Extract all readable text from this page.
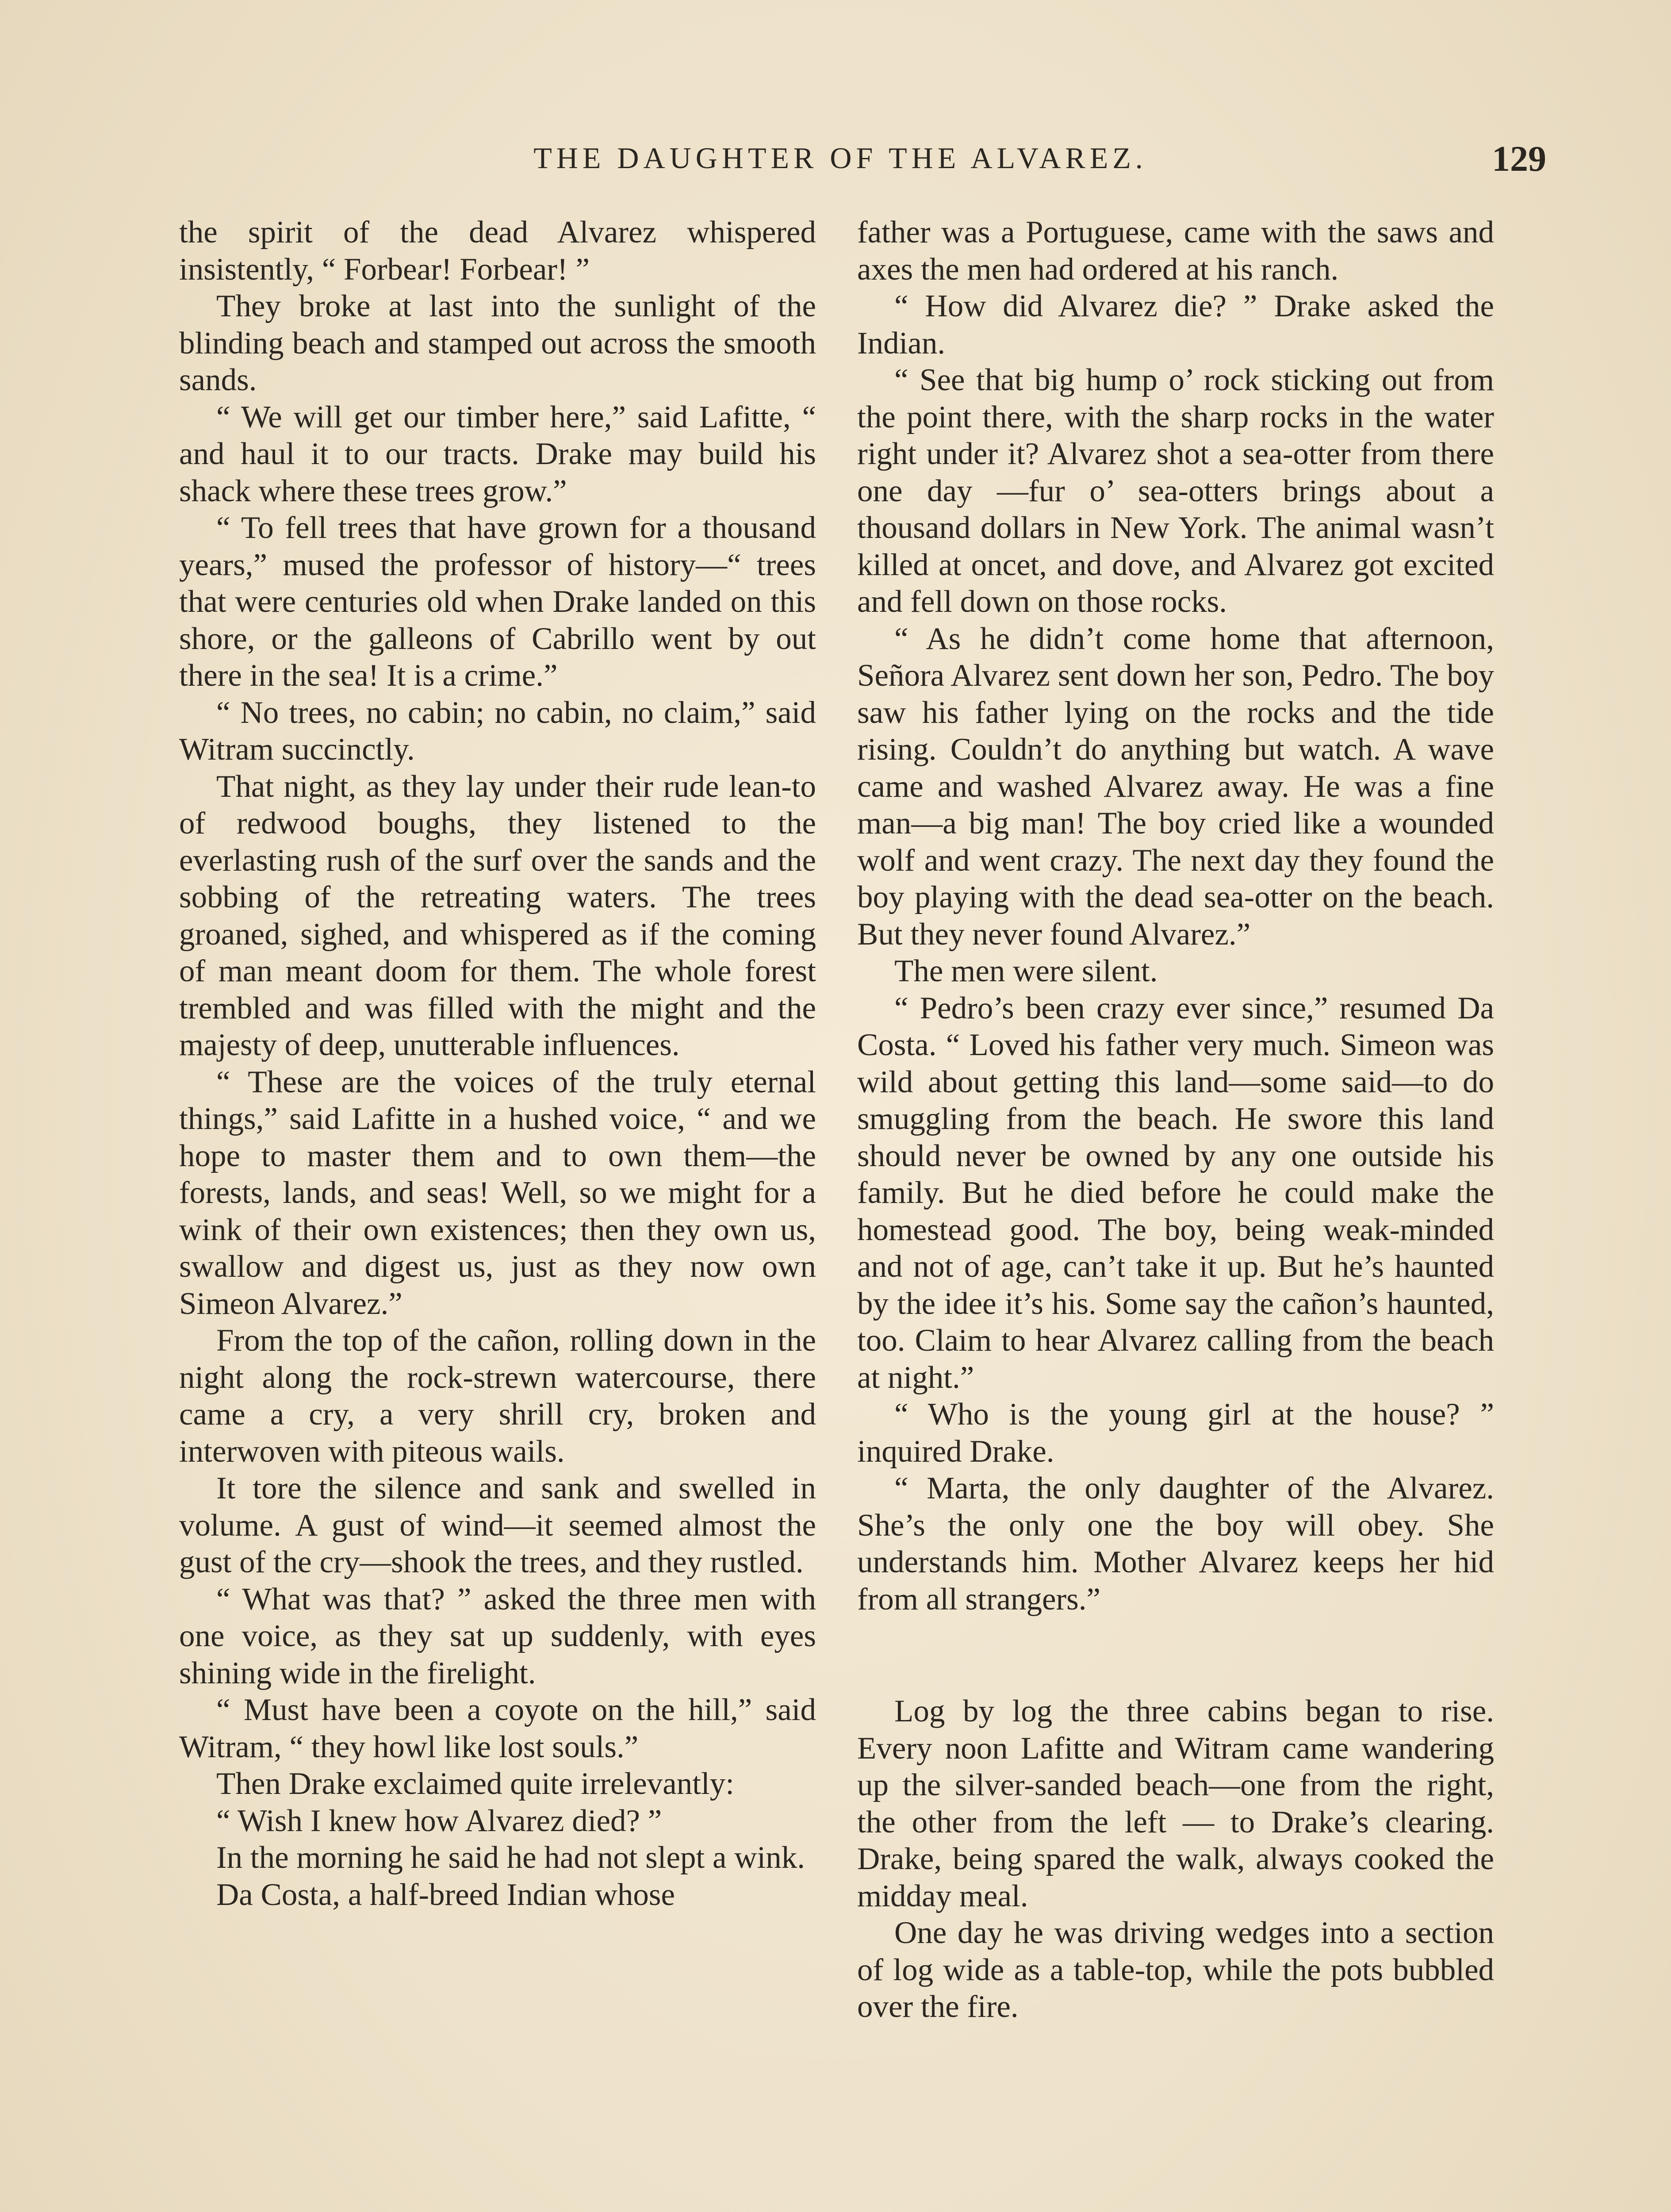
THE DAUGHTER OF THE ALVAREZ.	129

the spirit of the dead Alvarez whispered insistently, “ Forbear! Forbear! ”

They broke at last into the sunlight of the blinding beach and stamped out across the smooth sands.

“ We will get our timber here,” said Lafitte, “ and haul it to our tracts. Drake may build his shack where these trees grow.”

“ To fell trees that have grown for a thousand years,” mused the professor of history—“ trees that were centuries old when Drake landed on this shore, or the galleons of Cabrillo went by out there in the sea! It is a crime.”

“ No trees, no cabin; no cabin, no claim,” said Witram succinctly.

That night, as they lay under their rude lean-to of redwood boughs, they listened to the everlasting rush of the surf over the sands and the sobbing of the retreating waters. The trees groaned, sighed, and whispered as if the coming of man meant doom for them. The whole forest trembled and was filled with the might and the majesty of deep, unutterable influences.

“ These are the voices of the truly eternal things,” said Lafitte in a hushed voice, “ and we hope to master them and to own them—the forests, lands, and seas! Well, so we might for a wink of their own existences; then they own us, swallow and digest us, just as they now own Simeon Alvarez.”

From the top of the cañon, rolling down in the night along the rock-strewn watercourse, there came a cry, a very shrill cry, broken and interwoven with piteous wails.

It tore the silence and sank and swelled in volume. A gust of wind—it seemed almost the gust of the cry—shook the trees, and they rustled.

“ What was that? ” asked the three men with one voice, as they sat up suddenly, with eyes shining wide in the firelight.

“ Must have been a coyote on the hill,” said Witram, “ they howl like lost souls.”

Then Drake exclaimed quite irrelevantly:

“ Wish I knew how Alvarez died? ”

In the morning he said he had not slept a wink.

Da Costa, a half-breed Indian whose

father was a Portuguese, came with the saws and axes the men had ordered at his ranch.

“ How did Alvarez die? ” Drake asked the Indian.

“ See that big hump o’ rock sticking out from the point there, with the sharp rocks in the water right under it? Alvarez shot a sea-otter from there one day —fur o’ sea-otters brings about a thousand dollars in New York. The animal wasn’t killed at oncet, and dove, and Alvarez got excited and fell down on those rocks.

“ As he didn’t come home that afternoon, Señora Alvarez sent down her son, Pedro. The boy saw his father lying on the rocks and the tide rising. Couldn’t do anything but watch. A wave came and washed Alvarez away. He was a fine man—a big man! The boy cried like a wounded wolf and went crazy. The next day they found the boy playing with the dead sea-otter on the beach. But they never found Alvarez.”

The men were silent.

“ Pedro’s been crazy ever since,” resumed Da Costa. “ Loved his father very much. Simeon was wild about getting this land—some said—to do smuggling from the beach. He swore this land should never be owned by any one outside his family. But he died before he could make the homestead good. The boy, being weak-minded and not of age, can’t take it up. But he’s haunted by the idee it’s his. Some say the cañon’s haunted, too. Claim to hear Alvarez calling from the beach at night.”

“ Who is the young girl at the house? ” inquired Drake.

“ Marta, the only daughter of the Alvarez. She’s the only one the boy will obey. She understands him. Mother Alvarez keeps her hid from all strangers.”

Log by log the three cabins began to rise. Every noon Lafitte and Witram came wandering up the silver-sanded beach—one from the right, the other from the left — to Drake’s clearing. Drake, being spared the walk, always cooked the midday meal.

One day he was driving wedges into a section of log wide as a table-top, while the pots bubbled over the fire.
